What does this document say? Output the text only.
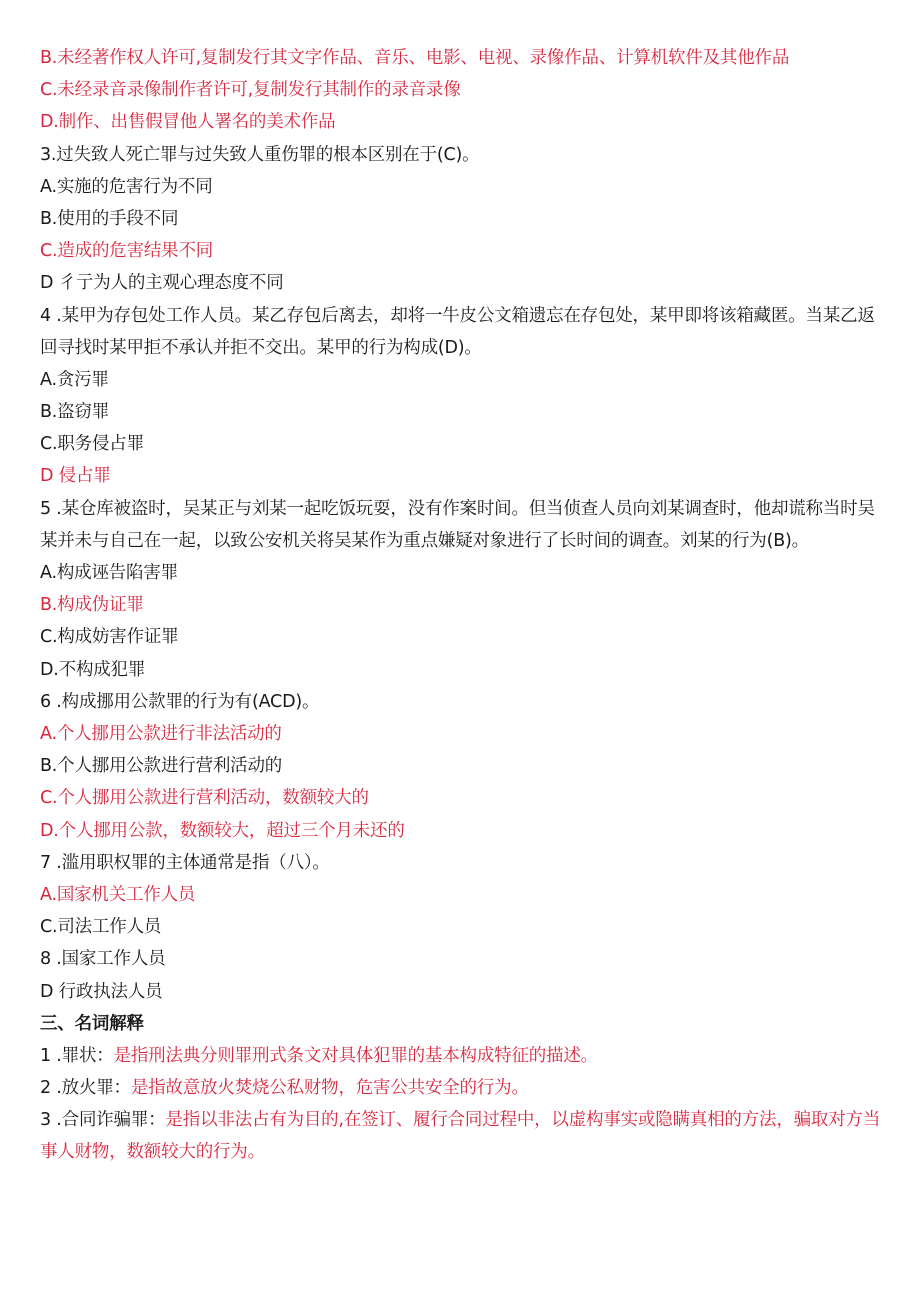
B.未经著作权人许可,复制发行其文字作品、音乐、电影、电视、录像作品、计算机软件及其他作品
C.未经录音录像制作者许可,复制发行其制作的录音录像
D.制作、出售假冒他人署名的美术作品
3.过失致人死亡罪与过失致人重伤罪的根本区别在于(C)。
A.实施的危害行为不同
B.使用的手段不同
C.造成的危害结果不同
D 彳亍为人的主观心理态度不同
4 .某甲为存包处工作人员。某乙存包后离去，却将一牛皮公文箱遗忘在存包处，某甲即将该箱藏匿。当某乙返回寻找时某甲拒不承认并拒不交出。某甲的行为构成(D)。
A.贪污罪
B.盗窃罪
C.职务侵占罪
D 侵占罪
5 .某仓库被盗时，吴某正与刘某一起吃饭玩耍，没有作案时间。但当侦查人员向刘某调查时，他却谎称当时吴某并未与自己在一起，以致公安机关将吴某作为重点嫌疑对象进行了长时间的调查。刘某的行为(B)。
A.构成诬告陷害罪
B.构成伪证罪
C.构成妨害作证罪
D.不构成犯罪
6 .构成挪用公款罪的行为有(ACD)。
A.个人挪用公款进行非法活动的
B.个人挪用公款进行营利活动的
C.个人挪用公款进行营利活动，数额较大的
D.个人挪用公款，数额较大，超过三个月未还的
7 .滥用职权罪的主体通常是指（八）。
A.国家机关工作人员
C.司法工作人员
8 .国家工作人员
D 行政执法人员
三、名词解释
1 .罪状：是指刑法典分则罪刑式条文对具体犯罪的基本构成特征的描述。
2 .放火罪：是指故意放火焚烧公私财物，危害公共安全的行为。
3 .合同诈骗罪：是指以非法占有为目的,在签订、履行合同过程中，以虚构事实或隐瞒真相的方法，骗取对方当事人财物，数额较大的行为。
